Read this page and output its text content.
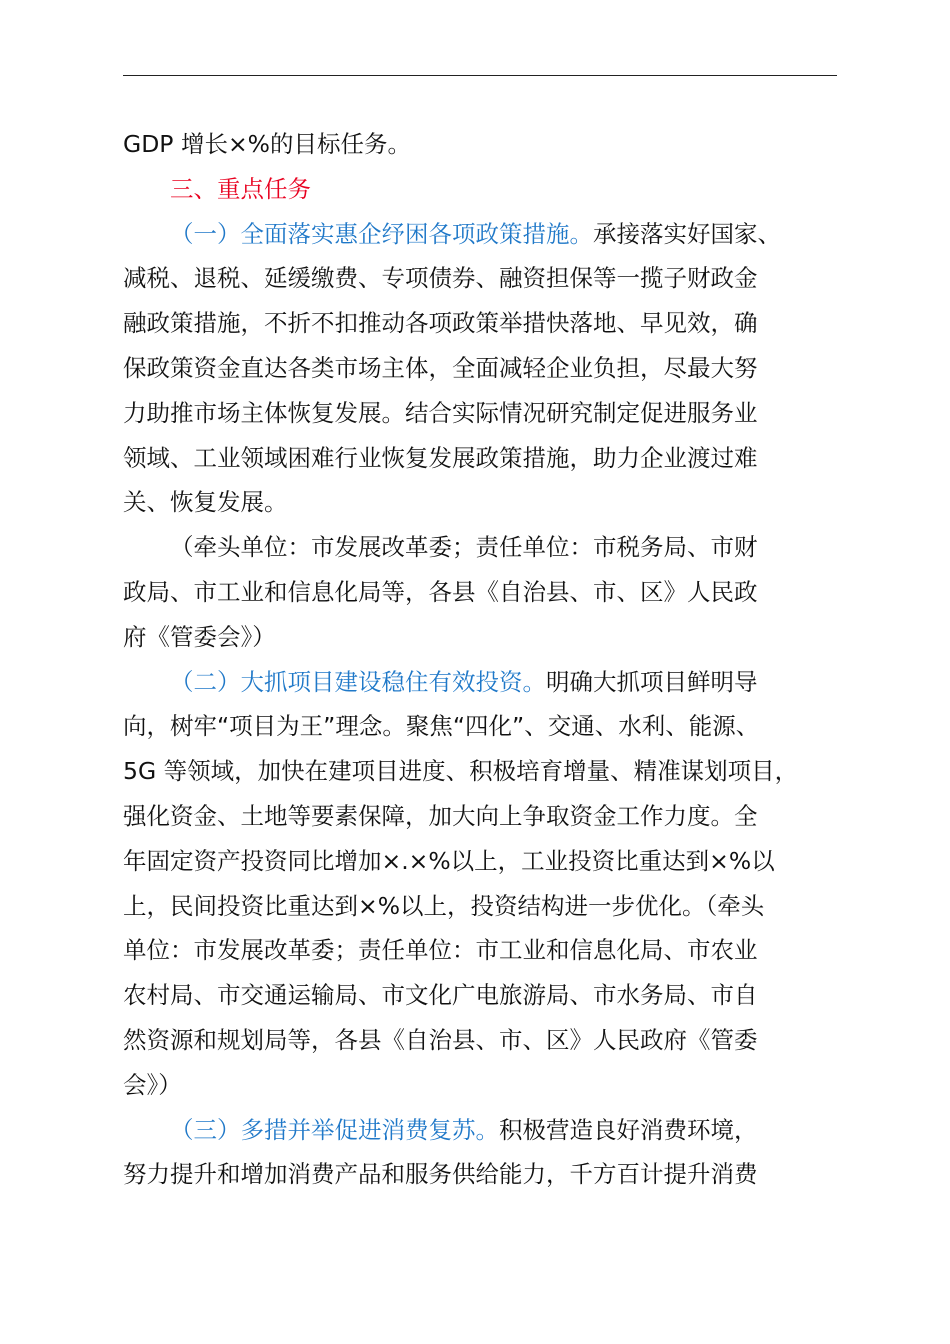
GDP 增长×%的目标任务。
三、重点任务
（一）全面落实惠企纾困各项政策措施。承接落实好国家、
减税、退税、延缓缴费、专项债券、融资担保等一揽子财政金
融政策措施，不折不扣推动各项政策举措快落地、早见效，确
保政策资金直达各类市场主体，全面减轻企业负担，尽最大努
力助推市场主体恢复发展。结合实际情况研究制定促进服务业
领域、工业领域困难行业恢复发展政策措施，助力企业渡过难
关、恢复发展。
（牵头单位：市发展改革委；责任单位：市税务局、市财
政局、市工业和信息化局等，各县《自治县、市、区》人民政
府《管委会》）
（二）大抓项目建设稳住有效投资。明确大抓项目鲜明导
向，树牢“项目为王”理念。聚焦“四化”、交通、水利、能源、
5G 等领域，加快在建项目进度、积极培育增量、精准谋划项目，
强化资金、土地等要素保障，加大向上争取资金工作力度。全
年固定资产投资同比增加×.×%以上，工业投资比重达到×%以
上，民间投资比重达到×%以上，投资结构进一步优化。（牵头
单位：市发展改革委；责任单位：市工业和信息化局、市农业
农村局、市交通运输局、市文化广电旅游局、市水务局、市自
然资源和规划局等，各县《自治县、市、区》人民政府《管委
会》）
（三）多措并举促进消费复苏。积极营造良好消费环境，
努力提升和增加消费产品和服务供给能力，千方百计提升消费
